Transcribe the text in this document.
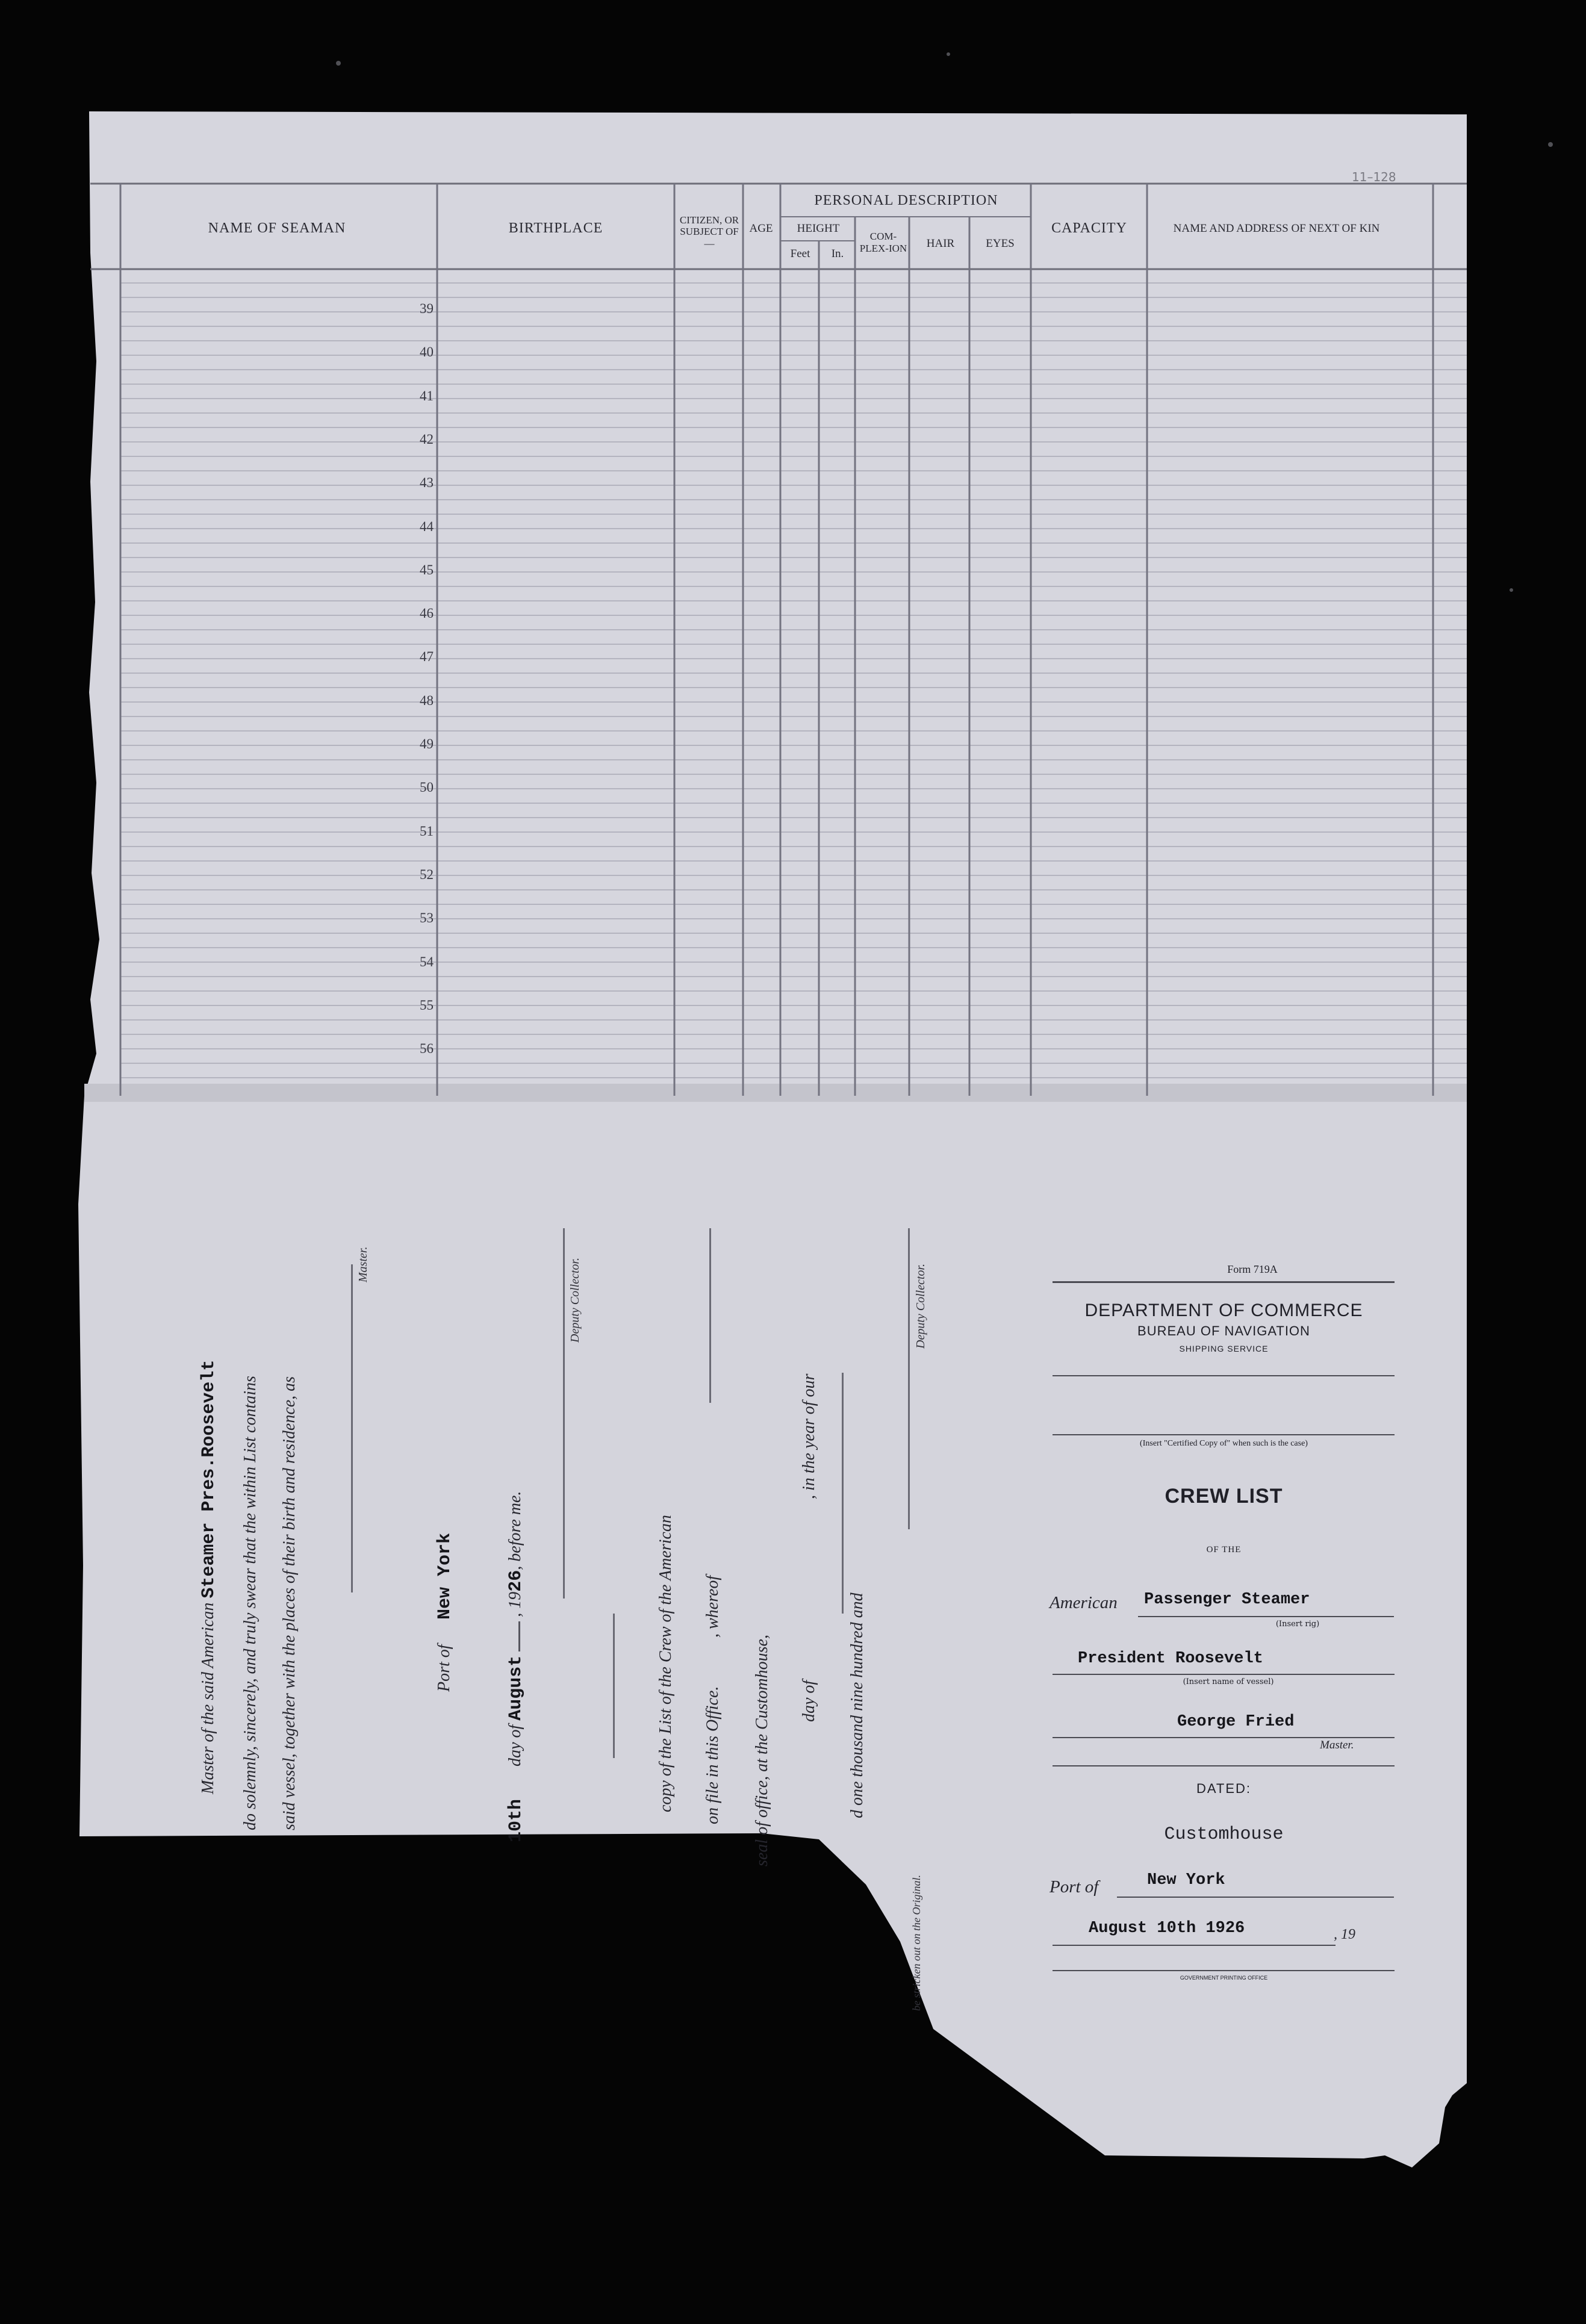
11–128
NAME OF SEAMAN	BIRTHPLACE
CITIZEN, OR SUBJECT OF—
AGE
PERSONAL DESCRIPTION
HEIGHT
Feet	In.
COM-PLEX-ION	HAIR	EYES
CAPACITY	NAME AND ADDRESS OF NEXT OF KIN
39
40
41
42
43
44
45
46
47
48
49
50
51
52
53
54
55
56
Master of the said American Steamer Pres.Roosevelt do solemnly, sincerely, and truly swear that the within List contains said vessel, together with the places of their birth and residence, as
Master.
Port of
New York
10th  day of August  , 1926, before me.
Deputy Collector.
copy of the List of the Crew of the American , whereof
on file in this Office. seal of office, at the Customhouse, day of
, in the year of our
d one thousand nine hundred and
Deputy Collector.
be stricken out on the Original.
Form 719A
DEPARTMENT OF COMMERCE
BUREAU OF NAVIGATION
SHIPPING SERVICE
(Insert "Certified Copy of" when such is the case)
CREW LIST
OF THE
American Passenger Steamer
(Insert rig)
President Roosevelt
(Insert name of vessel)
George Fried
Master.
DATED:
Customhouse
Port of	New York
August 10th 1926	, 19
GOVERNMENT PRINTING OFFICE
